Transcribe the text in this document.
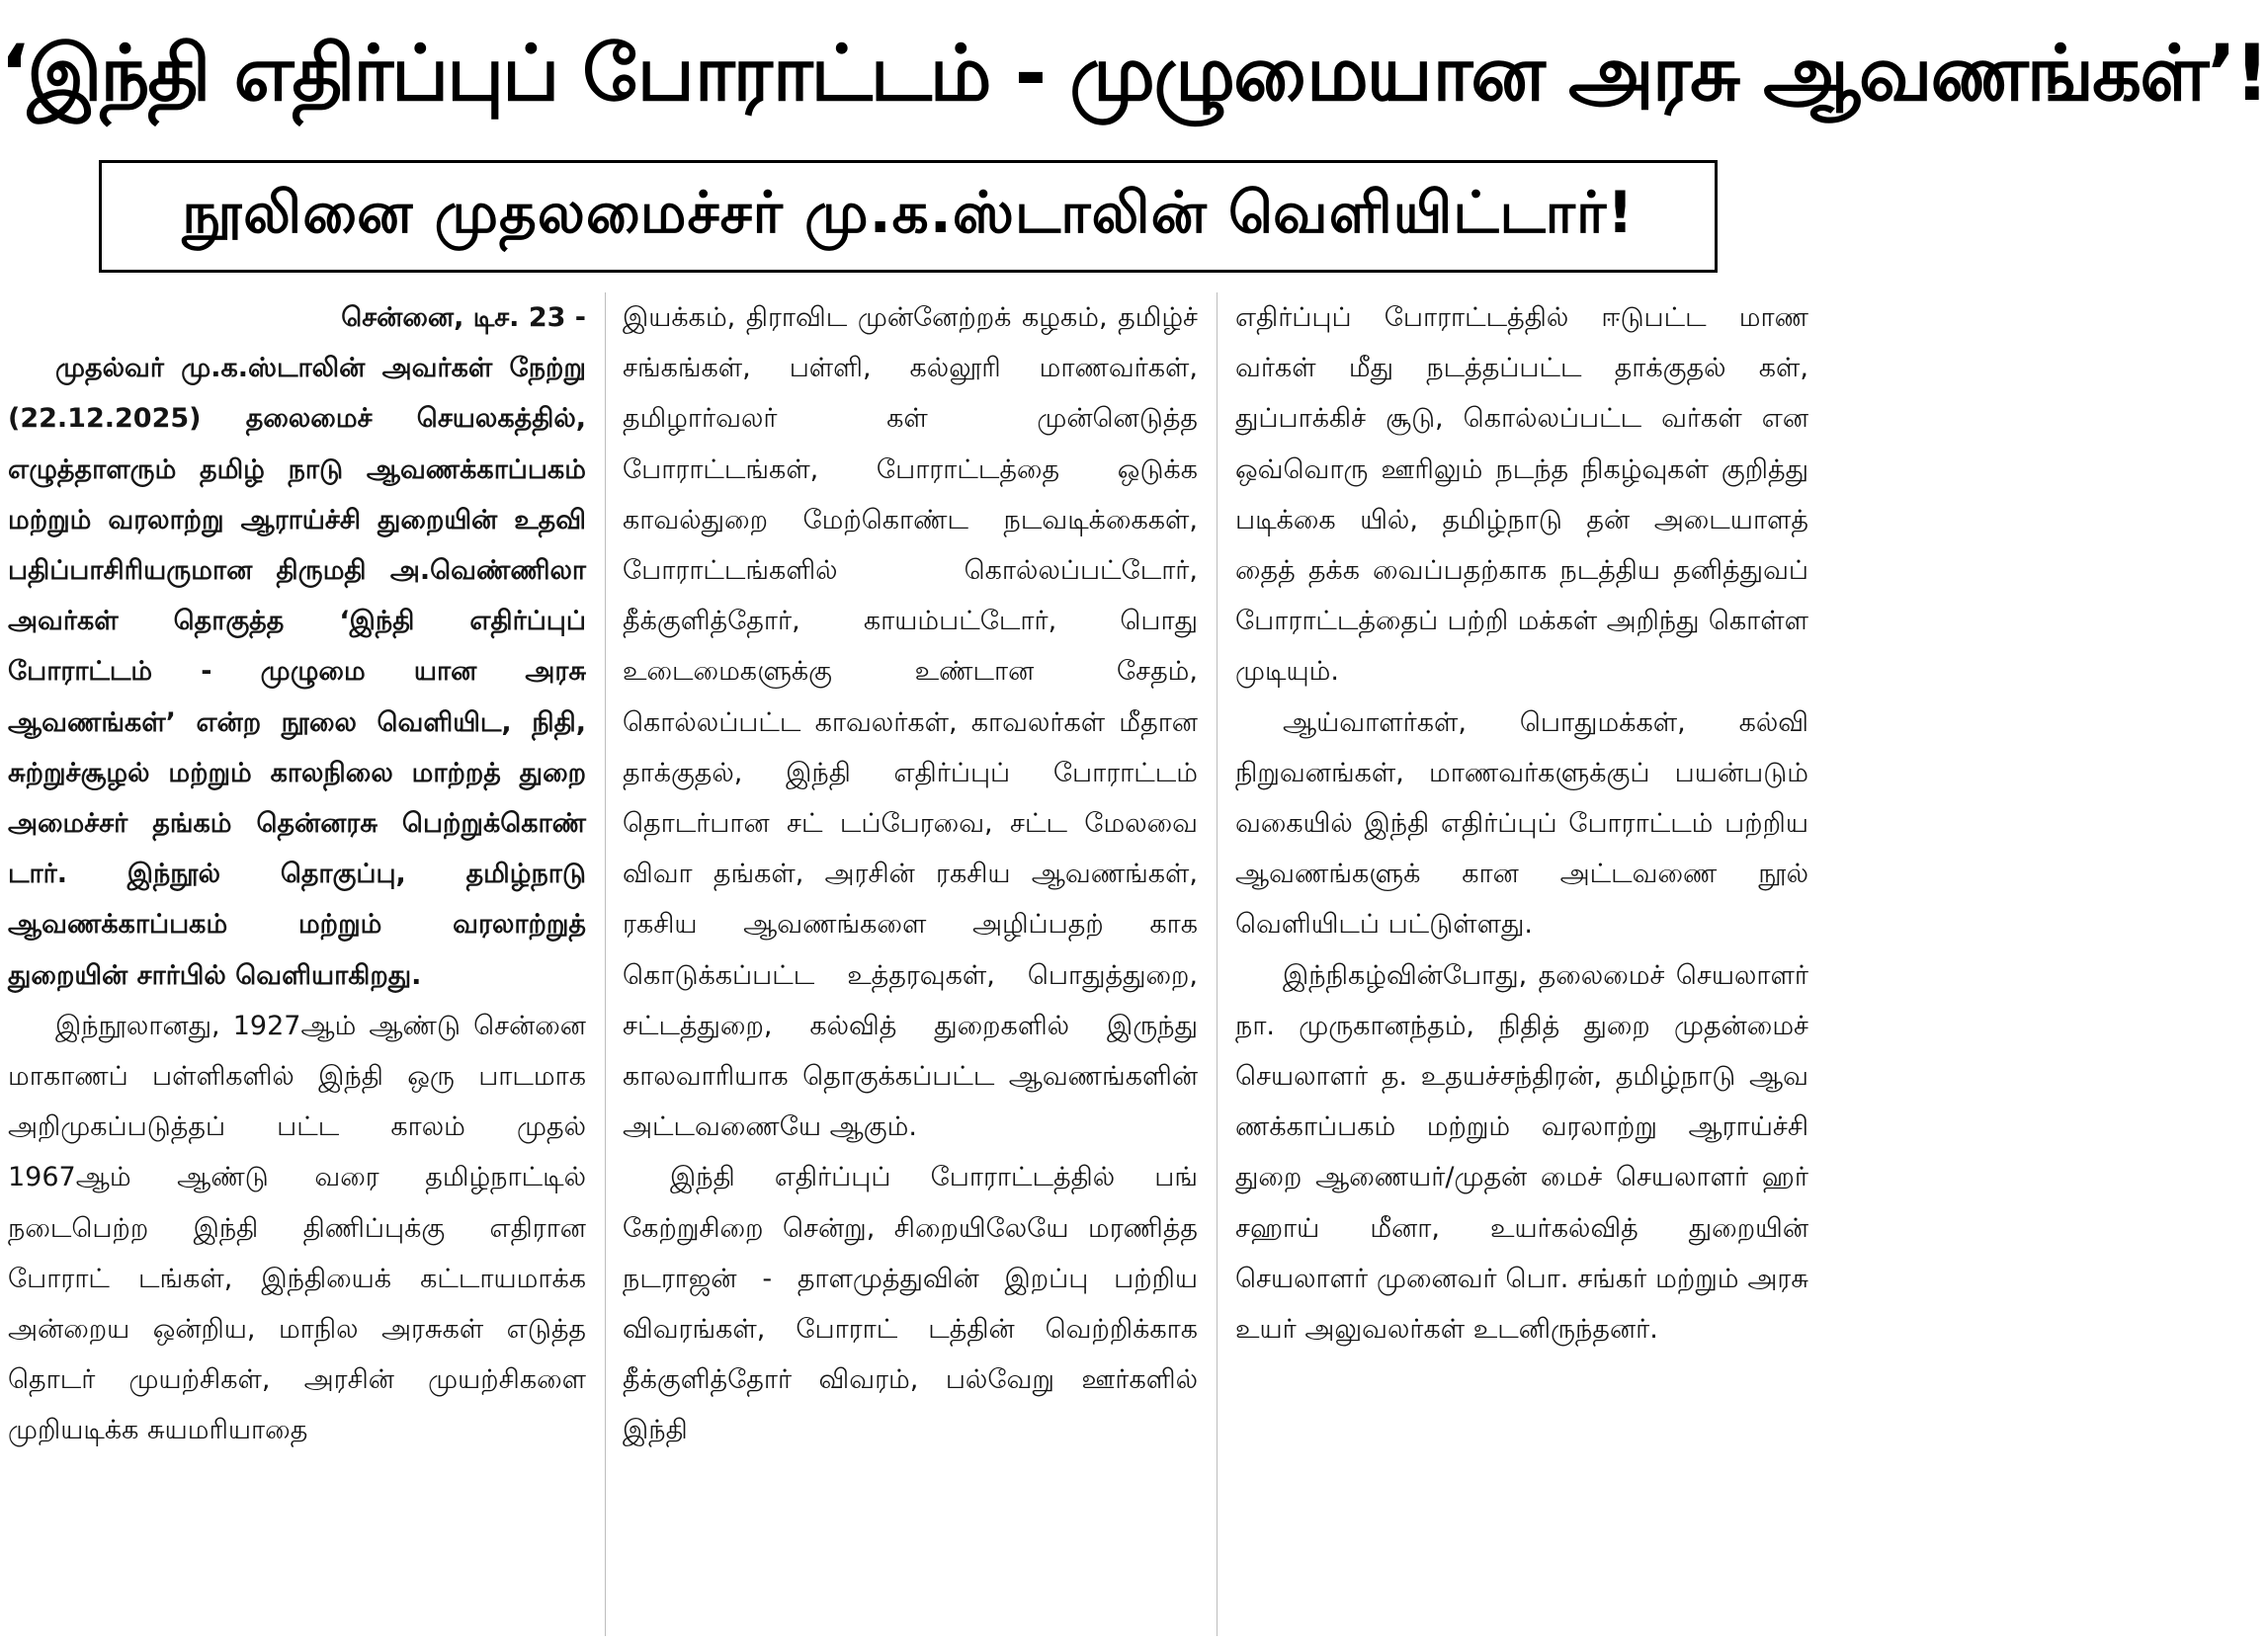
‘இந்தி எதிர்ப்புப் போராட்டம் - முழுமையான அரசு ஆவணங்கள்’!
நூலினை முதலமைச்சர் மு.க.ஸ்டாலின் வெளியிட்டார்!

சென்னை, டிச. 23 -

முதல்வர் மு.க.ஸ்டாலின் அவர்கள் நேற்று (22.12.2025) தலைமைச் செயலகத்தில், எழுத்தாளரும் தமிழ் நாடு ஆவணக்காப்பகம் மற்றும் வரலாற்று ஆராய்ச்சி துறையின் உதவி பதிப்பாசிரியருமான திருமதி அ.வெண்ணிலா அவர்கள் தொகுத்த ‘இந்தி எதிர்ப்புப் போராட்டம் - முழுமை யான அரசு ஆவணங்கள்’ என்ற நூலை வெளியிட, நிதி, சுற்றுச்சூழல் மற்றும் காலநிலை மாற்றத் துறை அமைச்சர் தங்கம் தென்னரசு பெற்றுக்கொண் டார். இந்நூல் தொகுப்பு, தமிழ்நாடு ஆவணக்காப்பகம் மற்றும் வரலாற்றுத் துறையின் சார்பில் வெளியாகிறது.

இந்நூலானது, 1927ஆம் ஆண்டு சென்னை மாகாணப் பள்ளிகளில் இந்தி ஒரு பாடமாக அறிமுகப்படுத்தப் பட்ட காலம் முதல் 1967ஆம் ஆண்டு வரை தமிழ்நாட்டில் நடைபெற்ற இந்தி திணிப்புக்கு எதிரான போராட் டங்கள், இந்தியைக் கட்டாயமாக்க அன்றைய ஒன்றிய, மாநில அரசுகள் எடுத்த தொடர் முயற்சிகள், அரசின் முயற்சிகளை முறியடிக்க சுயமரியாதை

இயக்கம், திராவிட முன்னேற்றக் கழகம், தமிழ்ச் சங்கங்கள், பள்ளி, கல்லூரி மாணவர்கள், தமிழார்வலர் கள் முன்னெடுத்த போராட்டங்கள், போராட்டத்தை ஒடுக்க காவல்துறை மேற்கொண்ட நடவடிக்கைகள், போராட்டங்களில் கொல்லப்பட்டோர், தீக்குளித்தோர், காயம்பட்டோர், பொது உடைமைகளுக்கு உண்டான சேதம், கொல்லப்பட்ட காவலர்கள், காவலர்கள் மீதான தாக்குதல், இந்தி எதிர்ப்புப் போராட்டம் தொடர்பான சட் டப்பேரவை, சட்ட மேலவை விவா தங்கள், அரசின் ரகசிய ஆவணங்கள், ரகசிய ஆவணங்களை அழிப்பதற் காக கொடுக்கப்பட்ட உத்தரவுகள், பொதுத்துறை, சட்டத்துறை, கல்வித் துறைகளில் இருந்து காலவாரியாக தொகுக்கப்பட்ட ஆவணங்களின் அட்டவணையே ஆகும்.

இந்தி எதிர்ப்புப் போராட்டத்தில் பங் கேற்றுசிறை சென்று, சிறையிலேயே மரணித்த நடராஜன் - தாளமுத்துவின் இறப்பு பற்றிய விவரங்கள், போராட் டத்தின் வெற்றிக்காக தீக்குளித்தோர் விவரம், பல்வேறு ஊர்களில் இந்தி

எதிர்ப்புப் போராட்டத்தில் ஈடுபட்ட மாண வர்கள் மீது நடத்தப்பட்ட தாக்குதல் கள், துப்பாக்கிச் சூடு, கொல்லப்பட்ட வர்கள் என ஒவ்வொரு ஊரிலும் நடந்த நிகழ்வுகள் குறித்து படிக்கை யில், தமிழ்நாடு தன் அடையாளத் தைத் தக்க வைப்பதற்காக நடத்திய தனித்துவப் போராட்டத்தைப் பற்றி மக்கள் அறிந்து கொள்ள முடியும்.

ஆய்வாளர்கள், பொதுமக்கள், கல்வி நிறுவனங்கள், மாணவர்களுக்குப் பயன்படும் வகையில் இந்தி எதிர்ப்புப் போராட்டம் பற்றிய ஆவணங்களுக் கான அட்டவணை நூல் வெளியிடப் பட்டுள்ளது.

இந்நிகழ்வின்போது, தலைமைச் செயலாளர் நா. முருகானந்தம், நிதித் துறை முதன்மைச் செயலாளர் த. உதயச்சந்திரன், தமிழ்நாடு ஆவ ணக்காப்பகம் மற்றும் வரலாற்று ஆராய்ச்சி துறை ஆணையர்/முதன் மைச் செயலாளர் ஹர் சஹாய் மீனா, உயர்கல்வித் துறையின் செயலாளர் முனைவர் பொ. சங்கர் மற்றும் அரசு உயர் அலுவலர்கள் உடனிருந்தனர்.
